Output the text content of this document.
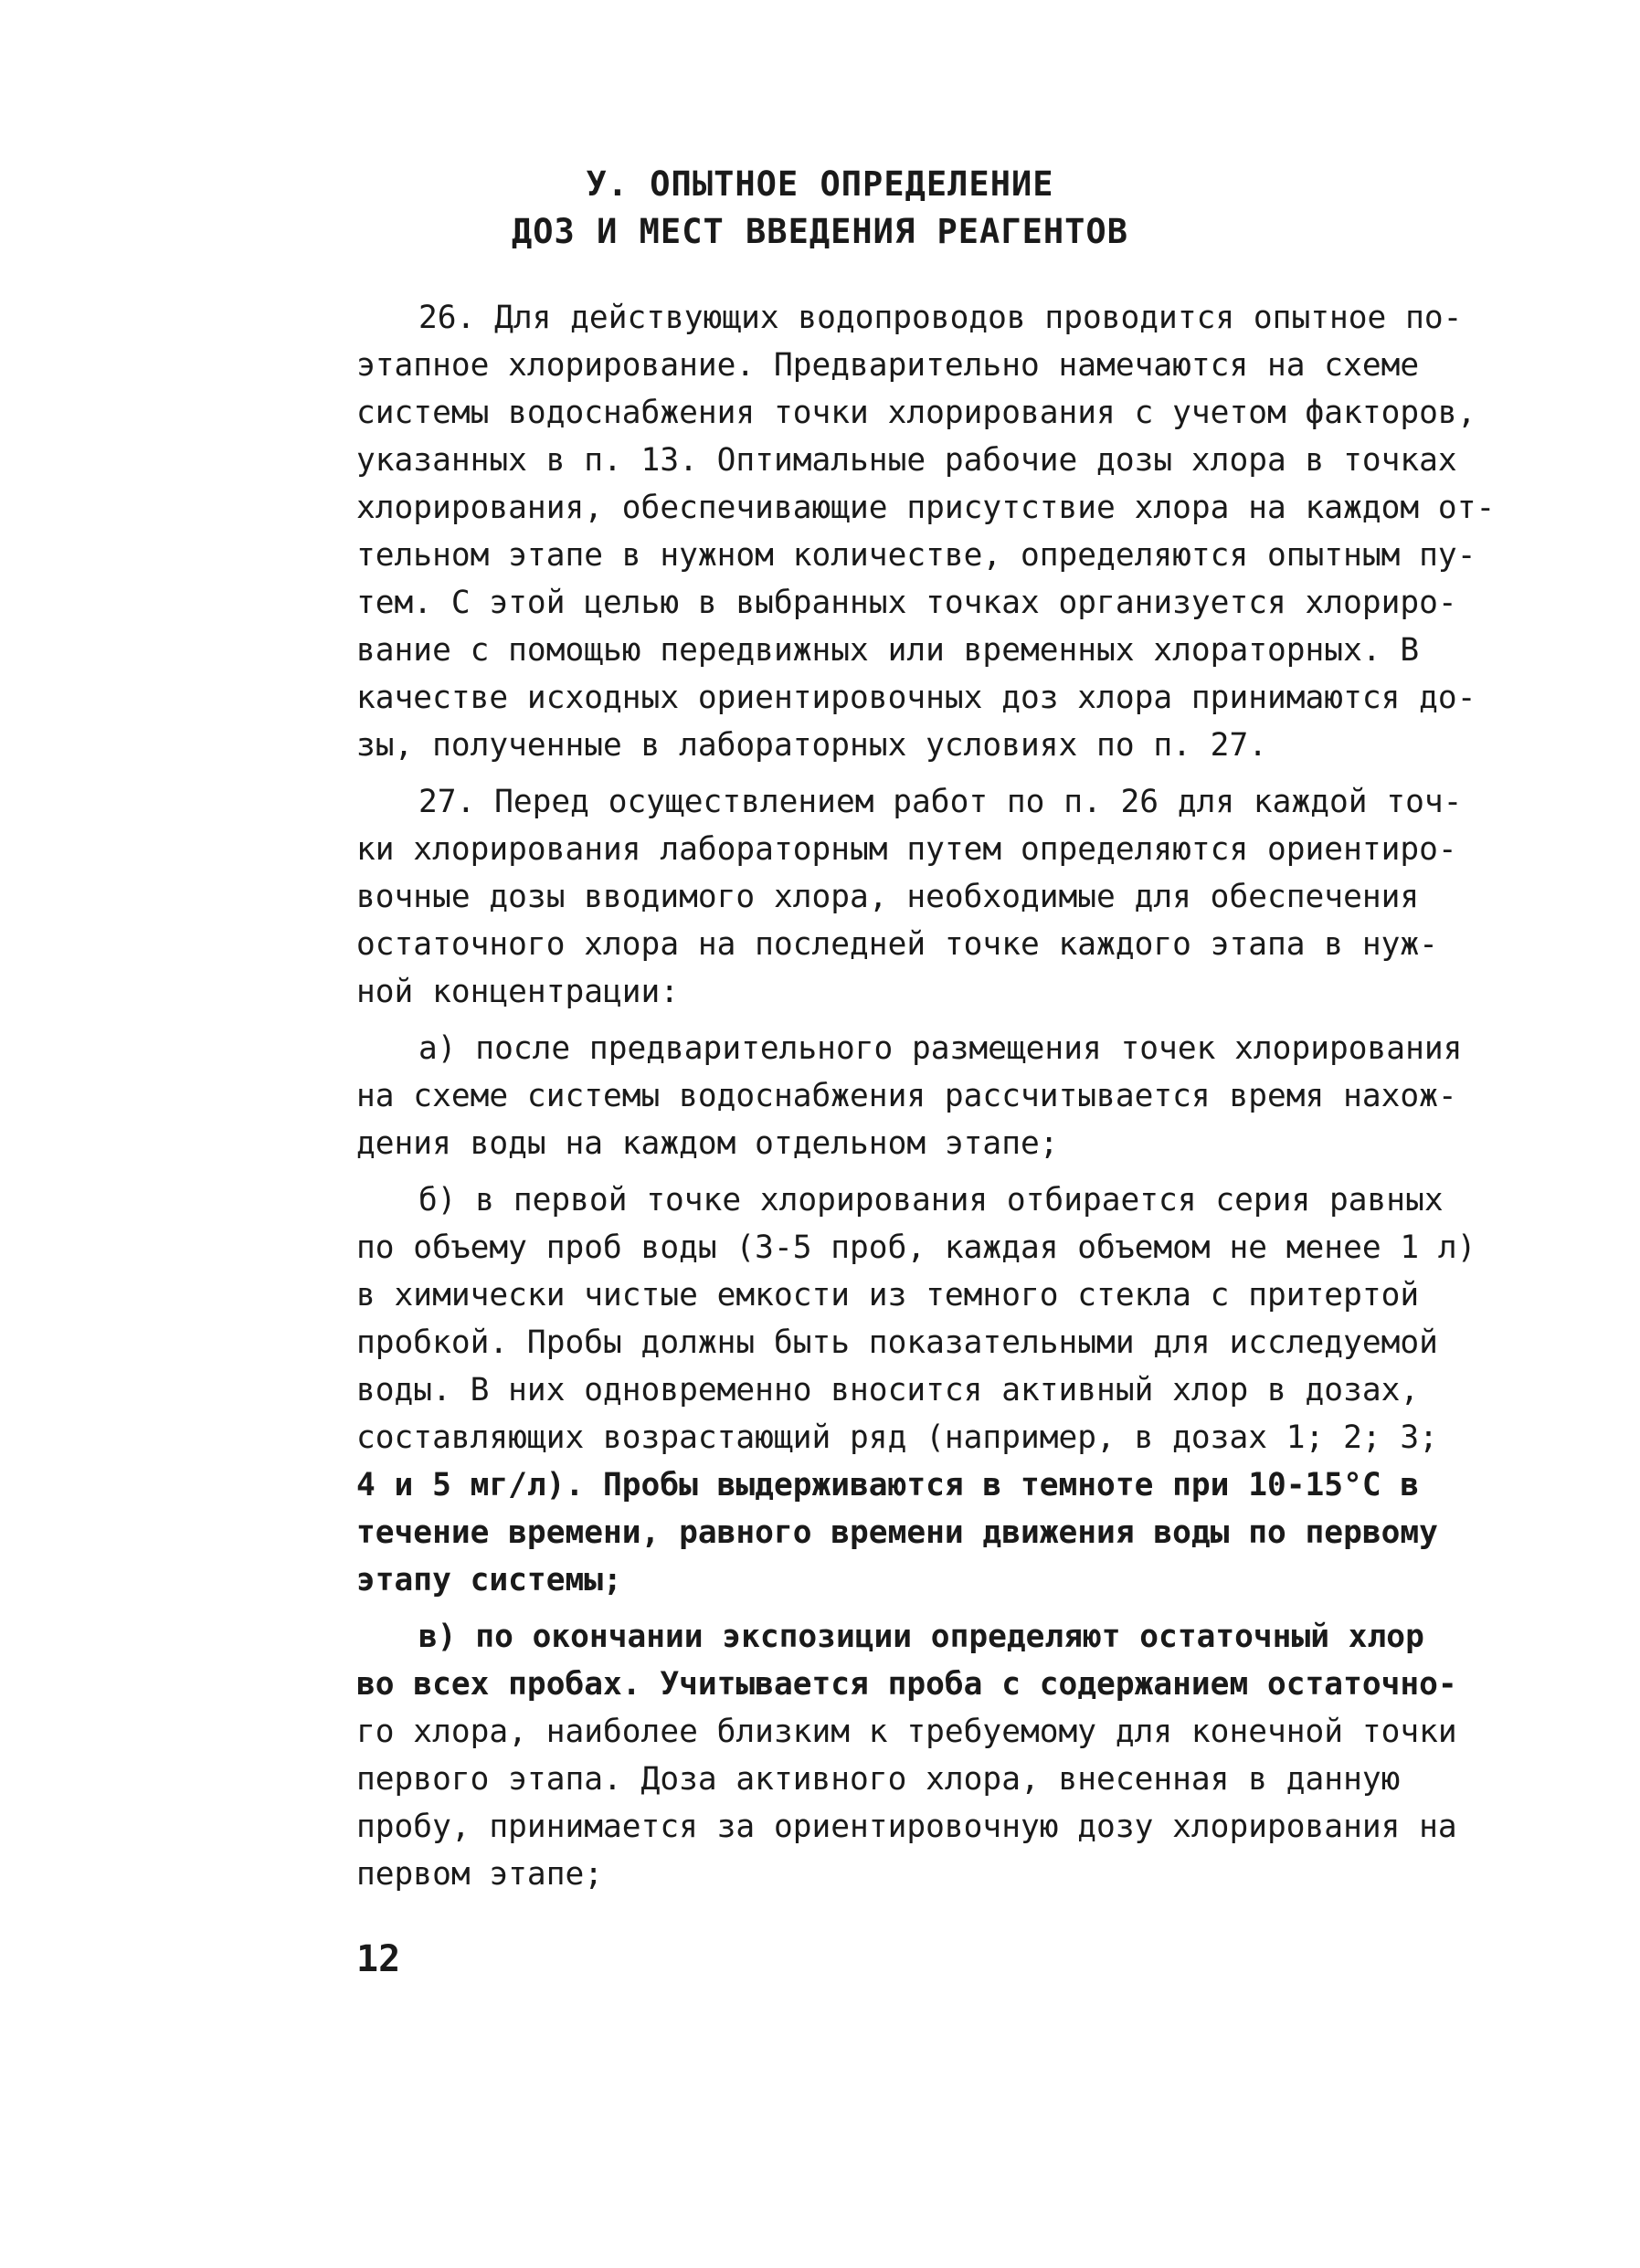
У. ОПЫТНОЕ ОПРЕДЕЛЕНИЕ
ДОЗ И МЕСТ ВВЕДЕНИЯ РЕАГЕНТОВ
26. Для действующих водопроводов проводится опытное по-
этапное хлорирование. Предварительно намечаются на схеме
системы водоснабжения точки хлорирования с учетом факторов,
указанных в п. 13. Оптимальные рабочие дозы хлора в точках
хлорирования, обеспечивающие присутствие хлора на каждом от-
тельном этапе в нужном количестве, определяются опытным пу-
тем. С этой целью в выбранных точках организуется хлориро-
вание с помощью передвижных или временных хлораторных. В
качестве исходных ориентировочных доз хлора принимаются до-
зы, полученные в лабораторных условиях по п. 27.
27. Перед осуществлением работ по п. 26 для каждой точ-
ки хлорирования лабораторным путем определяются ориентиро-
вочные дозы вводимого хлора, необходимые для обеспечения
остаточного хлора на последней точке каждого этапа в нуж-
ной концентрации:
а) после предварительного размещения точек хлорирования
на схеме системы водоснабжения рассчитывается время нахож-
дения воды на каждом отдельном этапе;
б) в первой точке хлорирования отбирается серия равных
по объему проб воды (3-5 проб, каждая объемом не менее 1 л)
в химически чистые емкости из темного стекла с притертой
пробкой. Пробы должны быть показательными для исследуемой
воды. В них одновременно вносится активный хлор в дозах,
составляющих возрастающий ряд (например, в дозах 1; 2; 3;
4 и 5 мг/л). Пробы выдерживаются в темноте при 10-15°С в
течение времени, равного времени движения воды по первому
этапу системы;
в) по окончании экспозиции определяют остаточный хлор
во всех пробах. Учитывается проба с содержанием остаточно-
го хлора, наиболее близким к требуемому для конечной точки
первого этапа. Доза активного хлора, внесенная в данную
пробу, принимается за ориентировочную дозу хлорирования на
первом этапе;
12
